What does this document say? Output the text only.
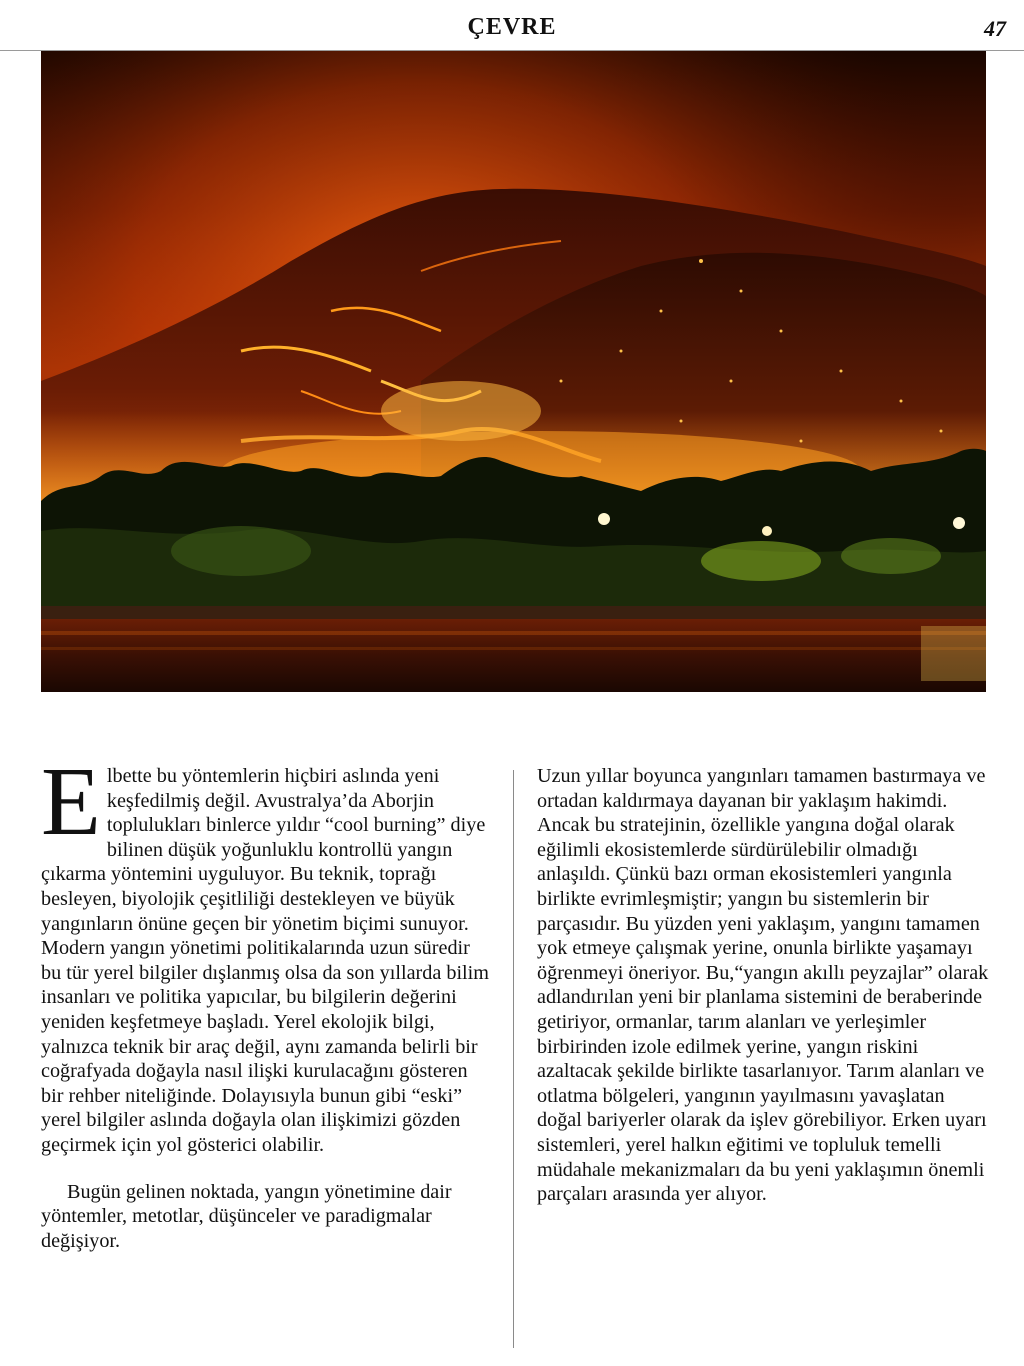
ÇEVRE	47

Elbette bu yöntemlerin hiçbiri aslında yeni keşfedilmiş değil. Avustralya’da Aborjin toplulukları binlerce yıldır “cool burning” diye bilinen düşük yoğunluklu kontrollü yangın çıkarma yöntemini uyguluyor. Bu teknik, toprağı besleyen, biyolojik çeşitliliği destekleyen ve büyük yangınların önüne geçen bir yönetim biçimi sunuyor. Modern yangın yönetimi politikalarında uzun süredir bu tür yerel bilgiler dışlanmış olsa da son yıllarda bilim insanları ve politika yapıcılar, bu bilgilerin değerini yeniden keşfetmeye başladı. Yerel ekolojik bilgi, yalnızca teknik bir araç değil, aynı zamanda belirli bir coğrafyada doğayla nasıl ilişki kurulacağını gösteren bir rehber niteliğinde. Dolayısıyla bunun gibi “eski” yerel bilgiler aslında doğayla olan ilişkimizi gözden geçirmek için yol gösterici olabilir.

Bugün gelinen noktada, yangın yönetimine dair yöntemler, metotlar, düşünceler ve paradigmalar değişiyor.

Uzun yıllar boyunca yangınları tamamen bastırmaya ve ortadan kaldırmaya dayanan bir yaklaşım hakimdi. Ancak bu stratejinin, özellikle yangına doğal olarak eğilimli ekosistemlerde sürdürülebilir olmadığı anlaşıldı. Çünkü bazı orman ekosistemleri yangınla birlikte evrimleşmiştir; yangın bu sistemlerin bir parçasıdır. Bu yüzden yeni yaklaşım, yangını tamamen yok etmeye çalışmak yerine, onunla birlikte yaşamayı öğrenmeyi öneriyor. Bu,“yangın akıllı peyzajlar” olarak adlandırılan yeni bir planlama sistemini de beraberinde getiriyor, ormanlar, tarım alanları ve yerleşimler birbirinden izole edilmek yerine, yangın riskini azaltacak şekilde birlikte tasarlanıyor. Tarım alanları ve otlatma bölgeleri, yangının yayılmasını yavaşlatan doğal bariyerler olarak da işlev görebiliyor. Erken uyarı sistemleri, yerel halkın eğitimi ve topluluk temelli müdahale mekanizmaları da bu yeni yaklaşımın önemli parçaları arasında yer alıyor.
